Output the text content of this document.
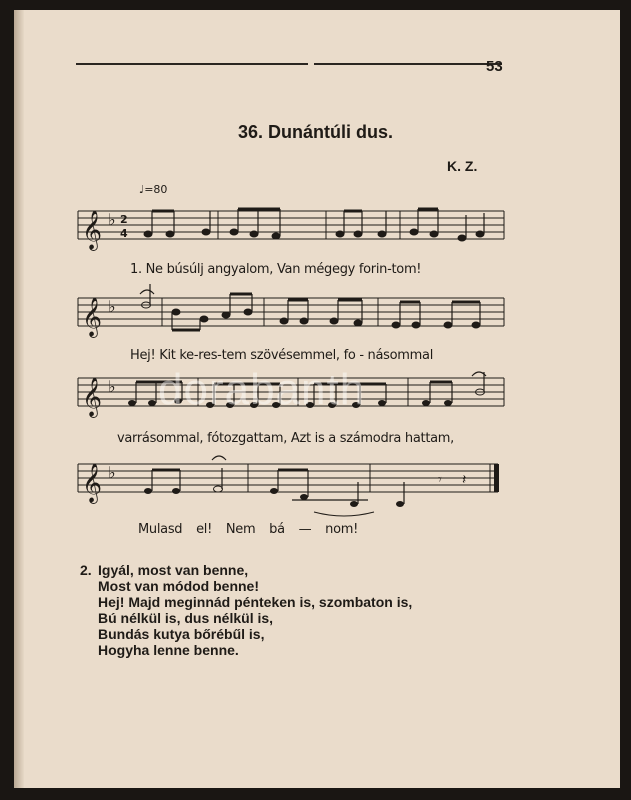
53
36. Dunántúli dus.
K. Z.
♩=80
𝄞 ♭ 2
4
1. Ne búsúlj angyalom, Van mégegy forin-tom!
𝄞 ♭
Hej! Kit ke-res-tem szövésemmel, fo - násommal
𝄞 ♭
varrásommal, fótozgattam, Azt is a számodra hattam,
𝄞 ♭	𝄾 𝄽
Mulasd el! Nem bá — nom!
2. Igyál, most van benne,
Most van módod benne!
Hej! Majd meginnád pénteken is, szombaton is,
Bú nélkül is, dus nélkül is,
Bundás kutya bőrébűl is,
Hogyha lenne benne.
dorabanth
